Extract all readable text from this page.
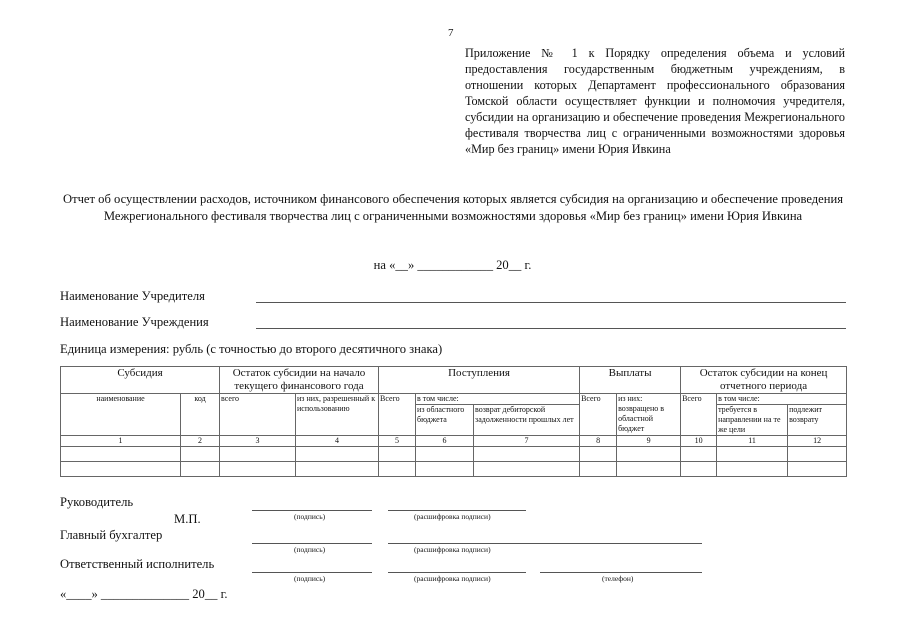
7
Приложение № 1 к Порядку определения объема и условий предоставления государственным бюджетным учреждениям, в отношении которых Департамент профессионального образования Томской области осуществляет функции и полномочия учредителя, субсидии на организацию и обеспечение проведения Межрегионального фестиваля творчества лиц с ограниченными возможностями здоровья «Мир без границ» имени Юрия Ивкина
Отчет об осуществлении расходов, источником финансового обеспечения которых является субсидия на организацию и обеспечение проведения Межрегионального фестиваля творчества лиц с ограниченными возможностями здоровья «Мир без границ» имени Юрия Ивкина
на «__» ____________ 20__ г.
Наименование Учредителя
Наименование Учреждения
Единица измерения: рубль (с точностью до второго десятичного знака)
Субсидия		Остаток субсидии на начало текущего финансового года		Поступления			Выплаты		Остаток субсидии на конец отчетного периода		
наименование	код	всего	из них, разрешенный к использованию	Всего	в том числе:		Всего	из них: возвращено в областной бюджет	Всего	в том числе:	
					из областного бюджета	возврат дебиторской задолженности прошлых лет				требуется в направлении на те же цели	подлежит возврату
1	2	3	4	5	6	7	8	9	10	11	12

Руководитель
М.П.	(подпись)	(расшифровка подписи)
Главный бухгалтер
(подпись)	(расшифровка подписи)
Ответственный исполнитель
(подпись)	(расшифровка подписи)	(телефон)
«____» ______________ 20__ г.
